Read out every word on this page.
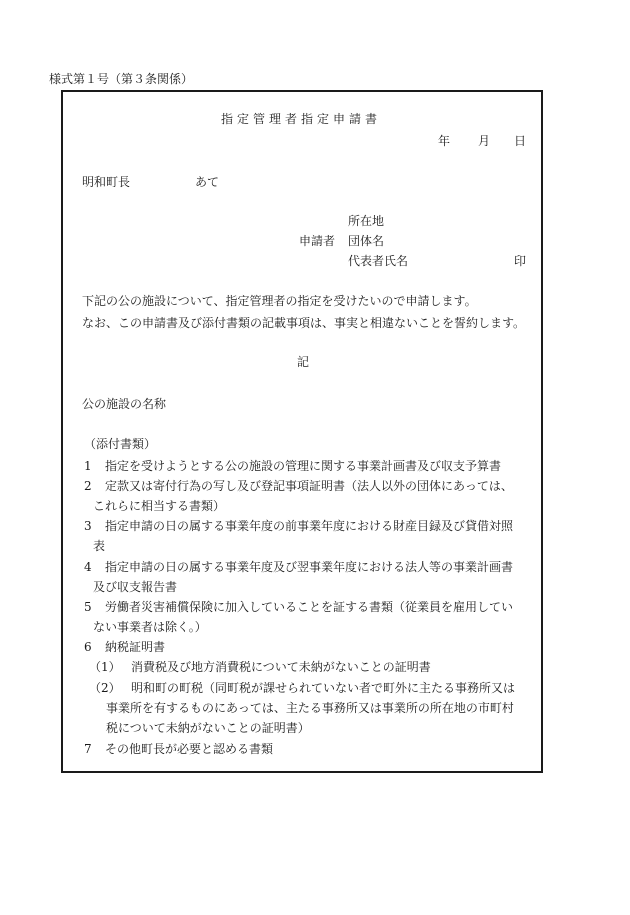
様式第１号（第３条関係）
指定管理者指定申請書
年 月 日
明和町長	あて
所在地
申請者 団体名
代表者氏名	印
下記の公の施設について、指定管理者の指定を受けたいので申請します。
なお、この申請書及び添付書類の記載事項は、事実と相違ないことを誓約します。
記
公の施設の名称
（添付書類）
1 指定を受けようとする公の施設の管理に関する事業計画書及び収支予算書
2 定款又は寄付行為の写し及び登記事項証明書（法人以外の団体にあっては、
これらに相当する書類）
3 指定申請の日の属する事業年度の前事業年度における財産目録及び貸借対照
表
4 指定申請の日の属する事業年度及び翌事業年度における法人等の事業計画書
及び収支報告書
5 労働者災害補償保険に加入していることを証する書類（従業員を雇用してい
ない事業者は除く。）
6 納税証明書
（1） 消費税及び地方消費税について未納がないことの証明書
（2） 明和町の町税（同町税が課せられていない者で町外に主たる事務所又は
事業所を有するものにあっては、主たる事務所又は事業所の所在地の市町村
税について未納がないことの証明書）
7 その他町長が必要と認める書類
